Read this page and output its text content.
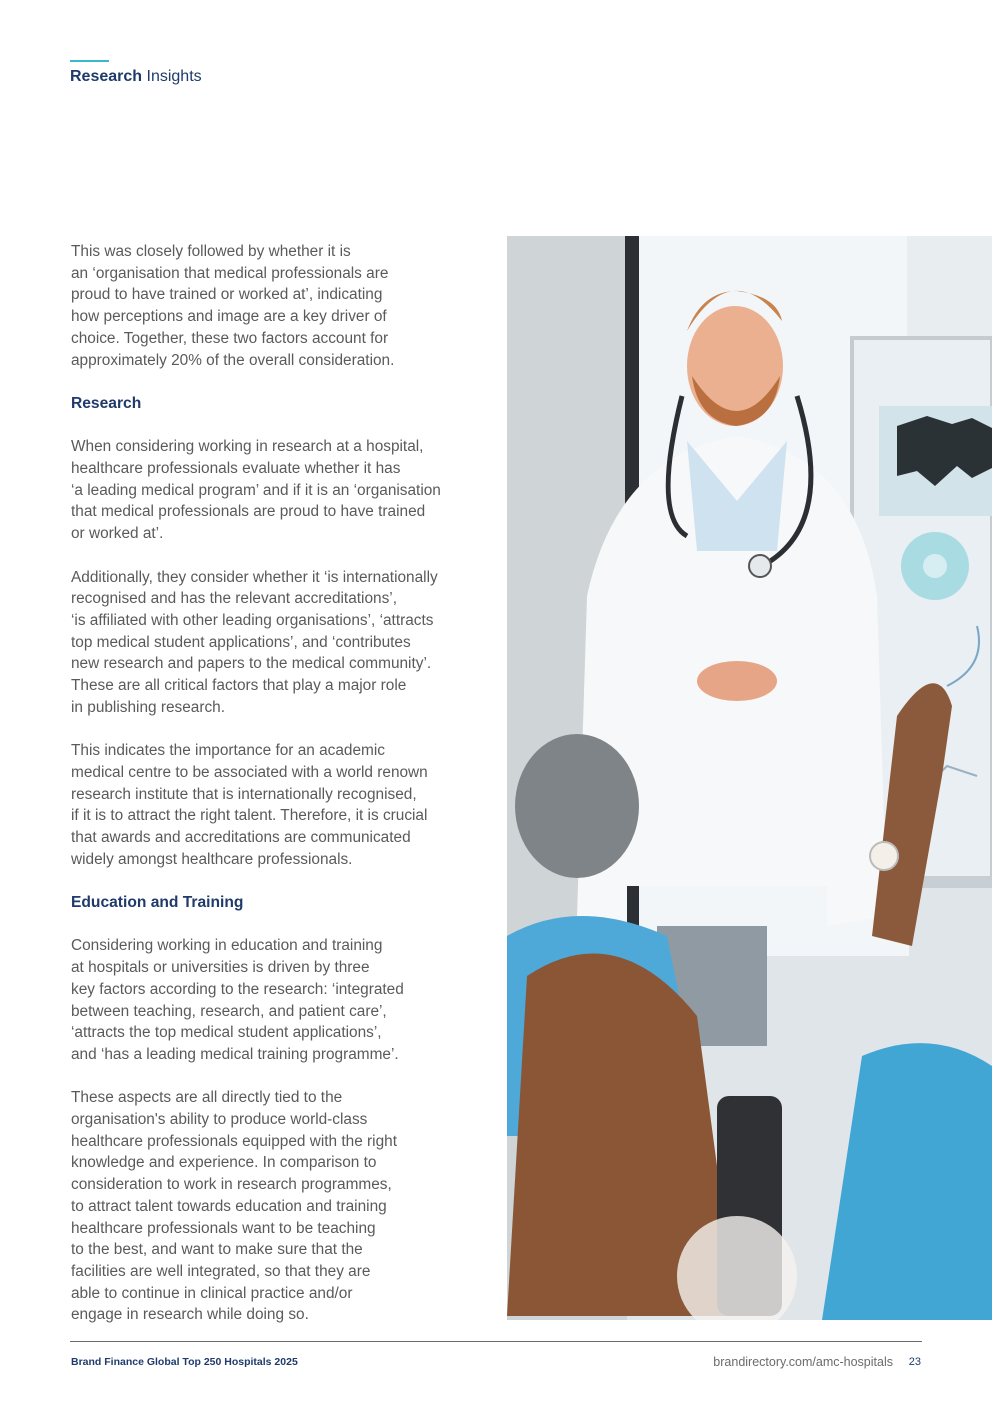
Research Insights

This was closely followed by whether it is
an ‘organisation that medical professionals are
proud to have trained or worked at’, indicating
how perceptions and image are a key driver of
choice. Together, these two factors account for
approximately 20% of the overall consideration.

Research

When considering working in research at a hospital,
healthcare professionals evaluate whether it has
‘a leading medical program’ and if it is an ‘organisation
that medical professionals are proud to have trained
or worked at’.

Additionally, they consider whether it ‘is internationally
recognised and has the relevant accreditations’,
‘is affiliated with other leading organisations’, ‘attracts
top medical student applications’, and ‘contributes
new research and papers to the medical community’.
These are all critical factors that play a major role
in publishing research.

This indicates the importance for an academic
medical centre to be associated with a world renown
research institute that is internationally recognised,
if it is to attract the right talent. Therefore, it is crucial
that awards and accreditations are communicated
widely amongst healthcare professionals.

Education and Training

Considering working in education and training
at hospitals or universities is driven by three
key factors according to the research: ‘integrated
between teaching, research, and patient care’,
‘attracts the top medical student applications’,
and ‘has a leading medical training programme’.

These aspects are all directly tied to the
organisation's ability to produce world-class
healthcare professionals equipped with the right
knowledge and experience. In comparison to
consideration to work in research programmes,
to attract talent towards education and training
healthcare professionals want to be teaching
to the best, and want to make sure that the
facilities are well integrated, so that they are
able to continue in clinical practice and/or
engage in research while doing so.

Brand Finance Global Top 250 Hospitals 2025	brandirectory.com/amc-hospitals 23
